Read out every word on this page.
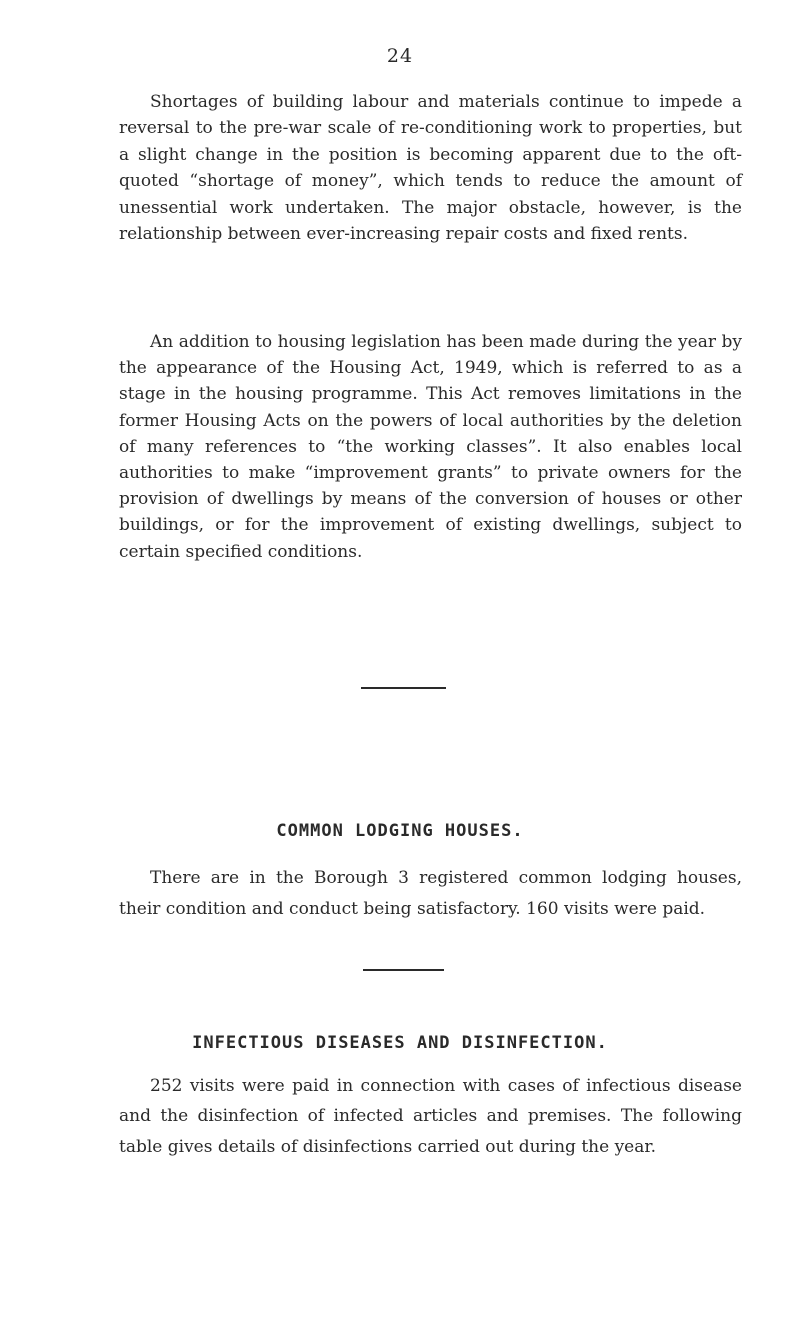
24

Shortages of building labour and materials continue to impede a reversal to the pre-war scale of re-conditioning work to properties, but a slight change in the position is becoming apparent due to the oft-quoted “shortage of money”, which tends to reduce the amount of unessential work undertaken. The major obstacle, however, is the relationship between ever-increasing repair costs and fixed rents.

An addition to housing legislation has been made during the year by the appearance of the Housing Act, 1949, which is referred to as a stage in the housing programme. This Act removes limitations in the former Housing Acts on the powers of local authorities by the deletion of many references to “the working classes”. It also enables local authorities to make “improvement grants” to private owners for the provision of dwellings by means of the conversion of houses or other buildings, or for the improvement of existing dwellings, subject to certain specified conditions.

COMMON LODGING HOUSES.

There are in the Borough 3 registered common lodging houses, their condition and conduct being satisfactory. 160 visits were paid.

INFECTIOUS DISEASES AND DISINFECTION.

252 visits were paid in connection with cases of infectious disease and the disinfection of infected articles and premises. The following table gives details of disinfections carried out during the year.
